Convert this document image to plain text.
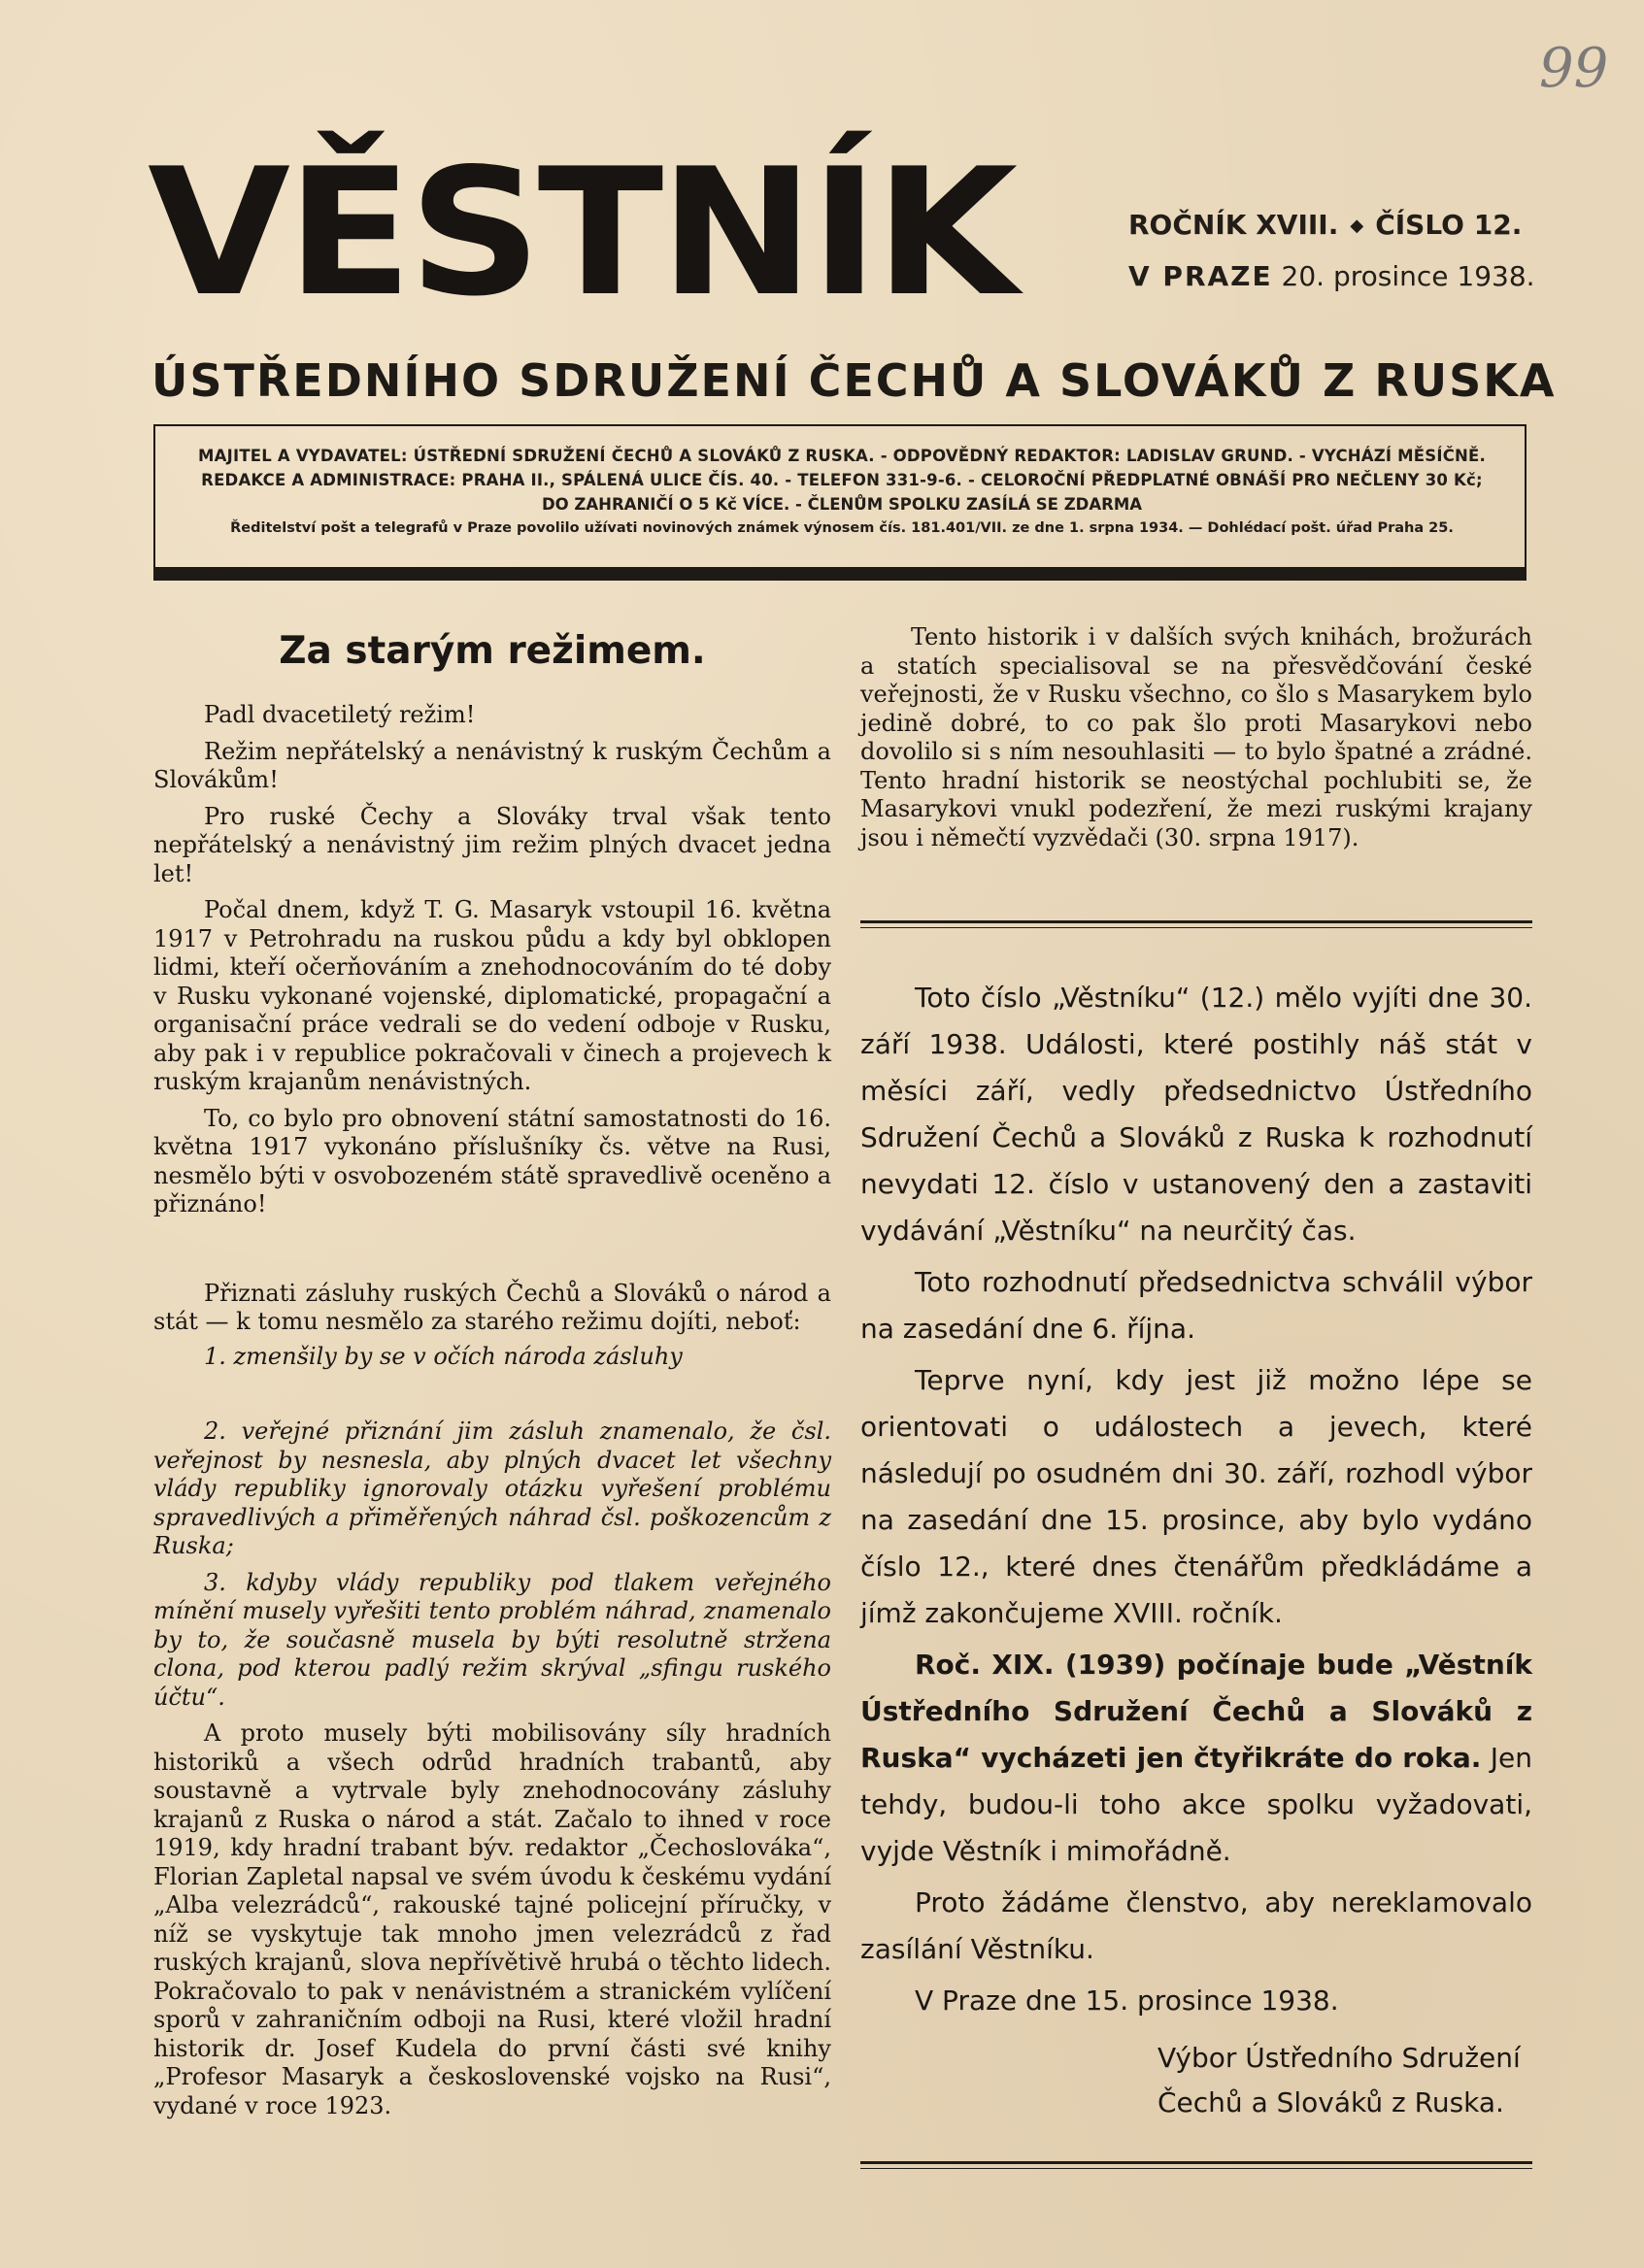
99
VĚSTNÍK	ROČNÍK XVIII. ◆ ČÍSLO 12.
V PRAZE 20. prosince 1938.
ÚSTŘEDNÍHO SDRUŽENÍ ČECHŮ A SLOVÁKŮ Z RUSKA
MAJITEL A VYDAVATEL: ÚSTŘEDNÍ SDRUŽENÍ ČECHŮ A SLOVÁKŮ Z RUSKA. - ODPOVĚDNÝ REDAKTOR: LADISLAV GRUND. - VYCHÁZÍ MĚSÍČNĚ.
REDAKCE A ADMINISTRACE: PRAHA II., SPÁLENÁ ULICE ČÍS. 40. - TELEFON 331-9-6. - CELOROČNÍ PŘEDPLATNÉ OBNÁŠÍ PRO NEČLENY 30 Kč;
DO ZAHRANIČÍ O 5 Kč VÍCE. - ČLENŮM SPOLKU ZASÍLÁ SE ZDARMA
Ředitelství pošt a telegrafů v Praze povolilo užívati novinových známek výnosem čís. 181.401/VII. ze dne 1. srpna 1934. — Dohlédací pošt. úřad Praha 25.
Za starým režimem.

Padl dvacetiletý režim!

Režim nepřátelský a nenávistný k ruským Čechům a Slovákům!

Pro ruské Čechy a Slováky trval však tento nepřátelský a nenávistný jim režim plných dvacet jedna let!

Počal dnem, když T. G. Masaryk vstoupil 16. května 1917 v Petrohradu na ruskou půdu a kdy byl obklopen lidmi, kteří očerňováním a znehodnocováním do té doby v Rusku vykonané vojenské, diplomatické, propagační a organisační práce vedrali se do vedení odboje v Rusku, aby pak i v republice pokračovali v činech a projevech k ruským krajanům nenávistných.

To, co bylo pro obnovení státní samostatnosti do 16. května 1917 vykonáno příslušníky čs. větve na Rusi, nesmělo býti v osvobozeném státě spravedlivě oceněno a přiznáno!

Přiznati zásluhy ruských Čechů a Slováků o národ a stát — k tomu nesmělo za starého režimu dojíti, neboť:

1. zmenšily by se v očích národa zásluhy

2. veřejné přiznání jim zásluh znamenalo, že čsl. veřejnost by nesnesla, aby plných dvacet let všechny vlády republiky ignorovaly otázku vyřešení problému spravedlivých a přiměřených náhrad čsl. poškozencům z Ruska;

3. kdyby vlády republiky pod tlakem veřejného mínění musely vyřešiti tento problém náhrad, znamenalo by to, že současně musela by býti resolutně stržena clona, pod kterou padlý režim skrýval „sfingu ruského účtu“.

A proto musely býti mobilisovány síly hradních historiků a všech odrůd hradních trabantů, aby soustavně a vytrvale byly znehodnocovány zásluhy krajanů z Ruska o národ a stát. Začalo to ihned v roce 1919, kdy hradní trabant býv. redaktor „Čechoslováka“, Florian Zapletal napsal ve svém úvodu k českému vydání „Alba velezrádců“, rakouské tajné policejní příručky, v níž se vyskytuje tak mnoho jmen velezrádců z řad ruských krajanů, slova nepřívětivě hrubá o těchto lidech. Pokračovalo to pak v nenávistném a stranickém vylíčení sporů v zahraničním odboji na Rusi, které vložil hradní historik dr. Josef Kudela do první části své knihy „Profesor Masaryk a československé vojsko na Rusi“, vydané v roce 1923.

Tento historik i v dalších svých knihách, brožurách a statích specialisoval se na přesvědčování české veřejnosti, že v Rusku všechno, co šlo s Masarykem bylo jedině dobré, to co pak šlo proti Masarykovi nebo dovolilo si s ním nesouhlasiti — to bylo špatné a zrádné. Tento hradní historik se neostýchal pochlubiti se, že Masarykovi vnukl podezření, že mezi ruskými krajany jsou i němečtí vyzvědači (30. srpna 1917).

Toto číslo „Věstníku“ (12.) mělo vyjíti dne 30. září 1938. Události, které postihly náš stát v měsíci září, vedly předsednictvo Ústředního Sdružení Čechů a Slováků z Ruska k rozhodnutí nevydati 12. číslo v ustanovený den a zastaviti vydávání „Věstníku“ na neurčitý čas.

Toto rozhodnutí předsednictva schválil výbor na zasedání dne 6. října.

Teprve nyní, kdy jest již možno lépe se orientovati o událostech a jevech, které následují po osudném dni 30. září, rozhodl výbor na zasedání dne 15. prosince, aby bylo vydáno číslo 12., které dnes čtenářům předkládáme a jímž zakončujeme XVIII. ročník.

Roč. XIX. (1939) počínaje bude „Věstník Ústředního Sdružení Čechů a Slováků z Ruska“ vycházeti jen čtyřikráte do roka. Jen tehdy, budou-li toho akce spolku vyžadovati, vyjde Věstník i mimořádně.

Proto žádáme členstvo, aby nereklamovalo zasílání Věstníku.

V Praze dne 15. prosince 1938.

Výbor Ústředního Sdružení
Čechů a Slováků z Ruska.
